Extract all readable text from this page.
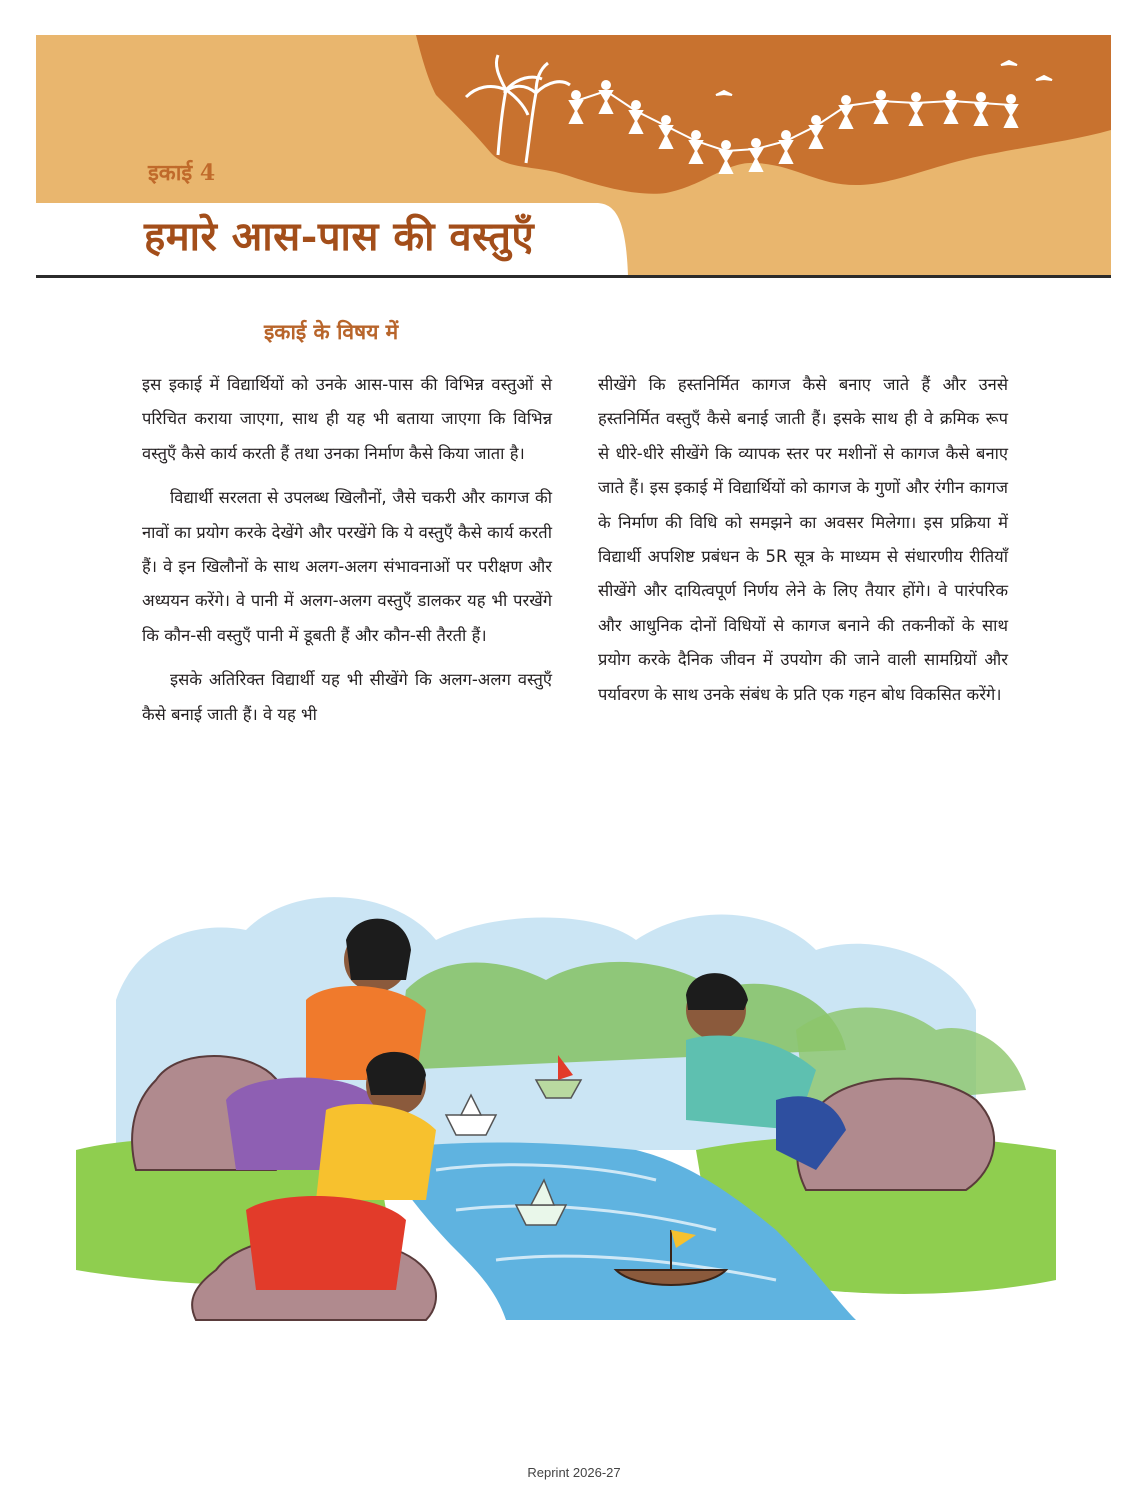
इकाई 4
हमारे आस-पास की वस्तुएँ
इकाई के विषय में

इस इकाई में विद्यार्थियों को उनके आस-पास की विभिन्न वस्तुओं से परिचित कराया जाएगा, साथ ही यह भी बताया जाएगा कि विभिन्न वस्तुएँ कैसे कार्य करती हैं तथा उनका निर्माण कैसे किया जाता है।

विद्यार्थी सरलता से उपलब्ध खिलौनों, जैसे चकरी और कागज की नावों का प्रयोग करके देखेंगे और परखेंगे कि ये वस्तुएँ कैसे कार्य करती हैं। वे इन खिलौनों के साथ अलग-अलग संभावनाओं पर परीक्षण और अध्ययन करेंगे। वे पानी में अलग-अलग वस्तुएँ डालकर यह भी परखेंगे कि कौन-सी वस्तुएँ पानी में डूबती हैं और कौन-सी तैरती हैं।

इसके अतिरिक्त विद्यार्थी यह भी सीखेंगे कि अलग-अलग वस्तुएँ कैसे बनाई जाती हैं। वे यह भी

सीखेंगे कि हस्तनिर्मित कागज कैसे बनाए जाते हैं और उनसे हस्तनिर्मित वस्तुएँ कैसे बनाई जाती हैं। इसके साथ ही वे क्रमिक रूप से धीरे-धीरे सीखेंगे कि व्यापक स्तर पर मशीनों से कागज कैसे बनाए जाते हैं। इस इकाई में विद्यार्थियों को कागज के गुणों और रंगीन कागज के निर्माण की विधि को समझने का अवसर मिलेगा। इस प्रक्रिया में विद्यार्थी अपशिष्ट प्रबंधन के 5R सूत्र के माध्यम से संधारणीय रीतियाँ सीखेंगे और दायित्वपूर्ण निर्णय लेने के लिए तैयार होंगे। वे पारंपरिक और आधुनिक दोनों विधियों से कागज बनाने की तकनीकों के साथ प्रयोग करके दैनिक जीवन में उपयोग की जाने वाली सामग्रियों और पर्यावरण के साथ उनके संबंध के प्रति एक गहन बोध विकसित करेंगे।

Reprint 2026-27
